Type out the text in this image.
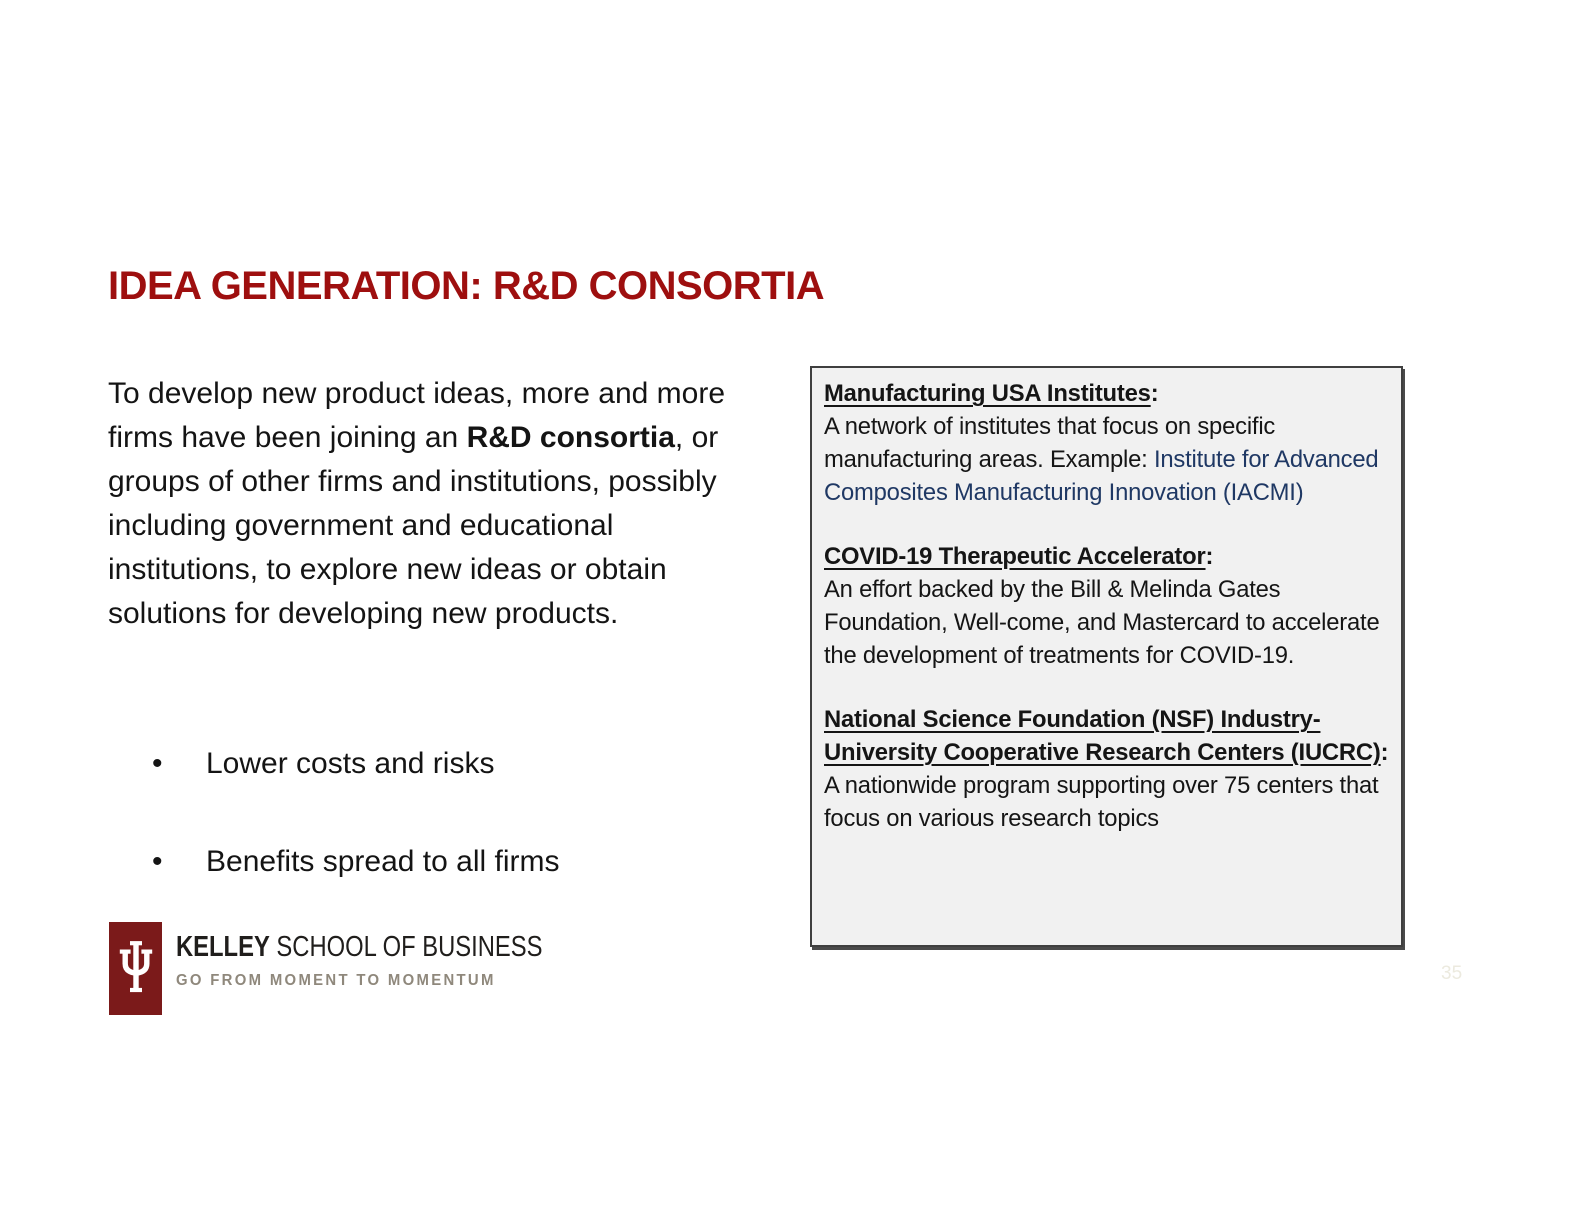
IDEA GENERATION: R&D CONSORTIA

To develop new product ideas, more and more firms have been joining an R&D consortia, or groups of other firms and institutions, possibly including government and educational institutions, to explore new ideas or obtain solutions for developing new products.

•	Lower costs and risks
•	Benefits spread to all firms
KELLEY SCHOOL OF BUSINESS
GO FROM MOMENT TO MOMENTUM
Manufacturing USA Institutes:
A network of institutes that focus on specific manufacturing areas. Example: Institute for Advanced Composites Manufacturing Innovation (IACMI)
COVID-19 Therapeutic Accelerator:
An effort backed by the Bill & Melinda Gates Foundation, Well-come, and Mastercard to accelerate the development of treatments for COVID-19.
National Science Foundation (NSF) Industry-University Cooperative Research Centers (IUCRC): A nationwide program supporting over 75 centers that focus on various research topics
35
